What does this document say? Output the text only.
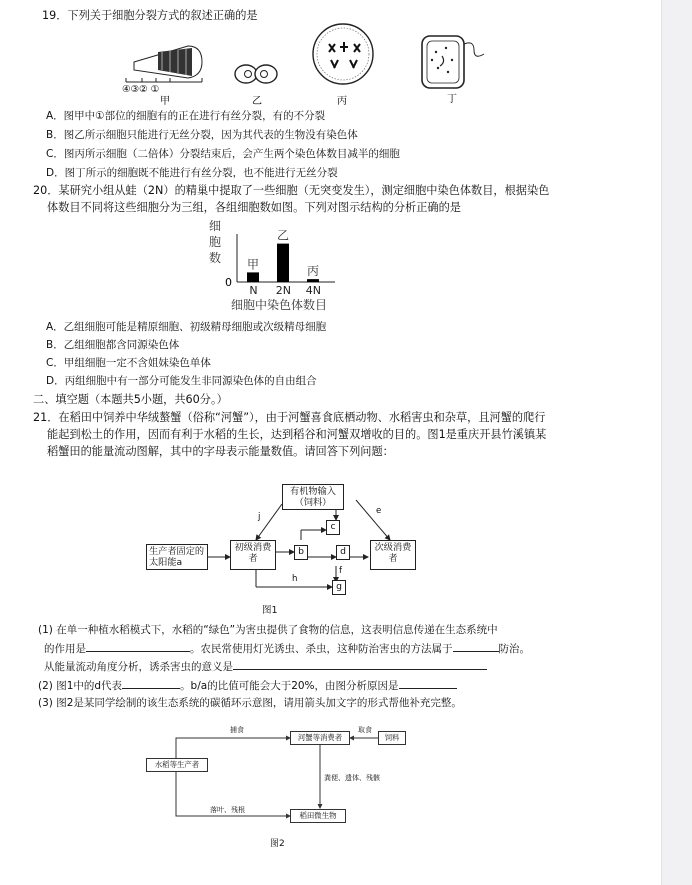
19．下列关于细胞分裂方式的叙述正确的是
④③② ①
甲	乙	丙	丁
A．图甲中①部位的细胞有的正在进行有丝分裂，有的不分裂
B．图乙所示细胞只能进行无丝分裂，因为其代表的生物没有染色体
C．图丙所示细胞（二倍体）分裂结束后，会产生两个染色体数目减半的细胞
D．图丁所示的细胞既不能进行有丝分裂，也不能进行无丝分裂
20．某研究小组从蛙（2N）的精巢中提取了一些细胞（无突变发生），测定细胞中染色体数目，根据染色
体数目不同将这些细胞分为三组，各组细胞数如图。下列对图示结构的分析正确的是
细
胞
数
0
甲
N
乙
2N
丙
4N
细胞中染色体数目
A．乙组细胞可能是精原细胞、初级精母细胞或次级精母细胞
B．乙组细胞都含同源染色体
C．甲组细胞一定不含姐妹染色单体
D．丙组细胞中有一部分可能发生非同源染色体的自由组合
二、填空题（本题共5小题，共60分。）
21．在稻田中饲养中华绒螯蟹（俗称“河蟹”），由于河蟹喜食底栖动物、水稻害虫和杂草，且河蟹的爬行
能起到松土的作用，因而有利于水稻的生长，达到稻谷和河蟹双增收的目的。图1是重庆开县竹溪镇某
稻蟹田的能量流动图解，其中的字母表示能量数值。请回答下列问题：
生产者固定的太阳能a
初级消费者
有机物输入（饲料）
次级消费者
b
c
d
g
j
e
f
h
图1
(1) 在单一种植水稻模式下，水稻的“绿色”为害虫提供了食物的信息，这表明信息传递在生态系统中
的作用是	。农民常使用灯光诱虫、杀虫，这种防治害虫的方法属于	防治。
从能量流动角度分析，诱杀害虫的意义是
(2) 图1中的d代表	。b/a的比值可能会大于20%，由图分析原因是
(3) 图2是某同学绘制的该生态系统的碳循环示意图，请用箭头加文字的形式帮他补充完整。
河蟹等消费者	饲料
水稻等生产者
稻田微生物
捕食	取食
粪便、遗体、残骸
落叶、残根
图2
